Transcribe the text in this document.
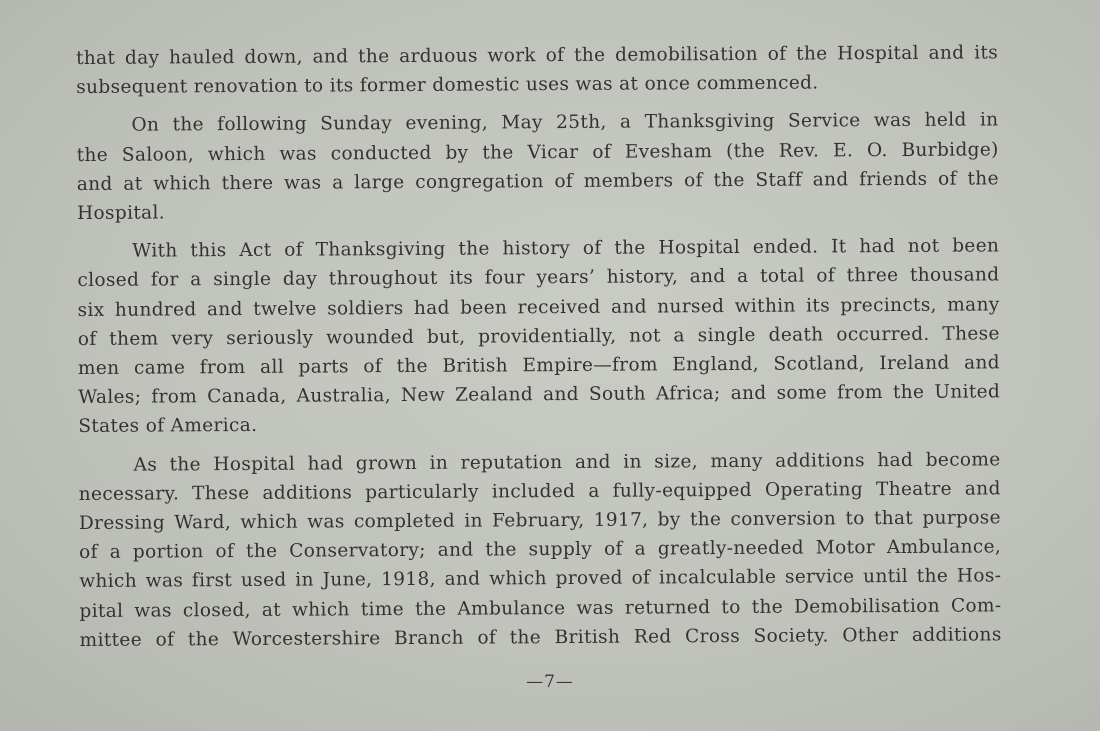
that day hauled down, and the arduous work of the demobilisation of the Hospital and its
subsequent renovation to its former domestic uses was at once commenced.

On the following Sunday evening, May 25th, a Thanksgiving Service was held in
the Saloon, which was conducted by the Vicar of Evesham (the Rev. E. O. Burbidge)
and at which there was a large congregation of members of the Staff and friends of the
Hospital.

With this Act of Thanksgiving the history of the Hospital ended. It had not been
closed for a single day throughout its four years’ history, and a total of three thousand
six hundred and twelve soldiers had been received and nursed within its precincts, many
of them very seriously wounded but, providentially, not a single death occurred. These
men came from all parts of the British Empire—from England, Scotland, Ireland and
Wales; from Canada, Australia, New Zealand and South Africa; and some from the United
States of America.

As the Hospital had grown in reputation and in size, many additions had become
necessary. These additions particularly included a fully-equipped Operating Theatre and
Dressing Ward, which was completed in February, 1917, by the conversion to that purpose
of a portion of the Conservatory; and the supply of a greatly-needed Motor Ambulance,
which was first used in June, 1918, and which proved of incalculable service until the Hos-
pital was closed, at which time the Ambulance was returned to the Demobilisation Com-
mittee of the Worcestershire Branch of the British Red Cross Society. Other additions

—7—
